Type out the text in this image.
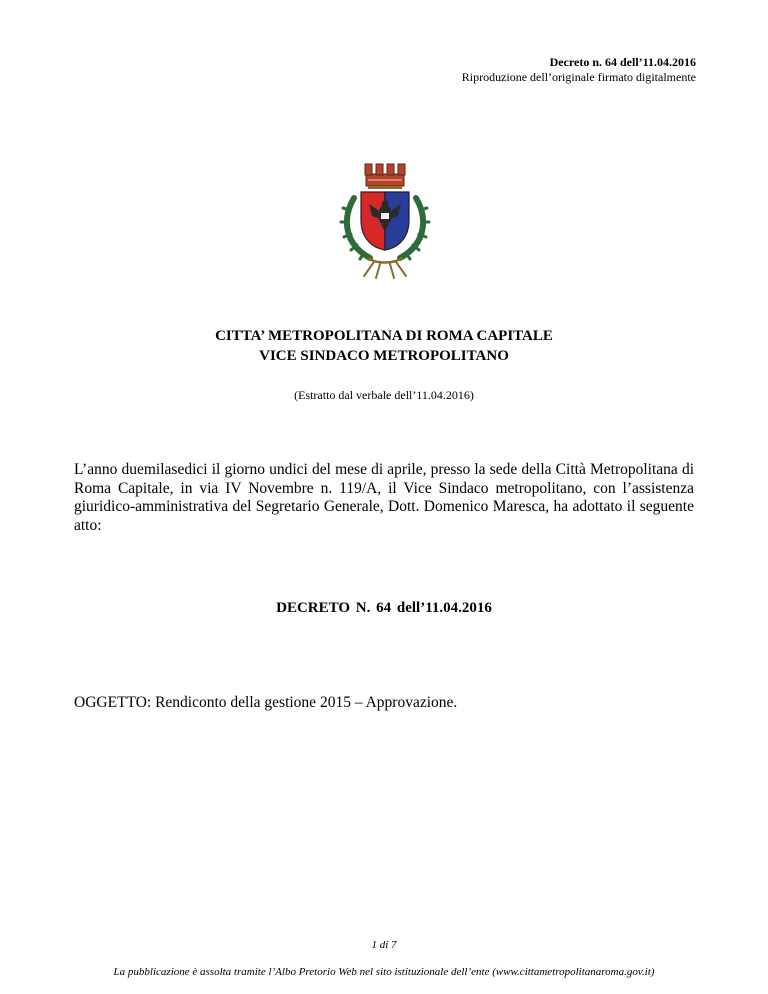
Decreto n. 64 dell’11.04.2016
Riproduzione dell’originale firmato digitalmente
CITTA’ METROPOLITANA DI ROMA CAPITALE
VICE SINDACO METROPOLITANO
(Estratto dal verbale dell’11.04.2016)
L’anno duemilasedici il giorno undici del mese di aprile, presso la sede della Città Metropolitana di Roma Capitale, in via IV Novembre n. 119/A, il Vice Sindaco metropolitano, con l’assistenza giuridico-amministrativa del Segretario Generale, Dott. Domenico Maresca, ha adottato il seguente atto:
DECRETO N. 64 dell’11.04.2016
OGGETTO: Rendiconto della gestione 2015 – Approvazione.
1 di 7
La pubblicazione è assolta tramite l’Albo Pretorio Web nel sito istituzionale dell’ente (www.cittametropolitanaroma.gov.it)
